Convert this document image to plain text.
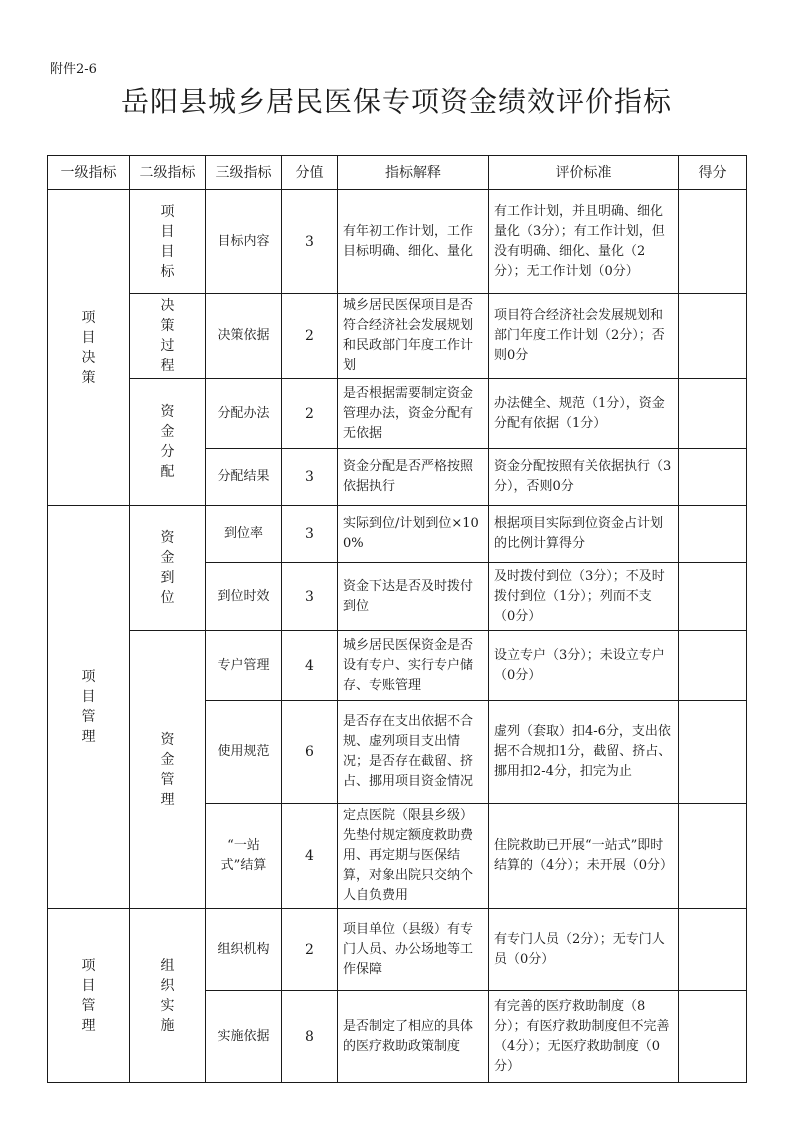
附件2-6
岳阳县城乡居民医保专项资金绩效评价指标
一级指标	二级指标	三级指标	分值	指标解释	评价标准	得分
项目决策	项目目标	目标内容	3	有年初工作计划，工作目标明确、细化、量化	有工作计划，并且明确、细化量化（3分）；有工作计划，但没有明确、细化、量化（2分）；无工作计划（0分）	
	决策过程	决策依据	2	城乡居民医保项目是否符合经济社会发展规划和民政部门年度工作计划	项目符合经济社会发展规划和部门年度工作计划（2分）；否则0分	
	资金分配	分配办法	2	是否根据需要制定资金管理办法，资金分配有无依据	办法健全、规范（1分），资金分配有依据（1分）	
		分配结果	3	资金分配是否严格按照依据执行	资金分配按照有关依据执行（3分），否则0分	
项目管理	资金到位	到位率	3	实际到位/计划到位×100%	根据项目实际到位资金占计划的比例计算得分	
		到位时效	3	资金下达是否及时拨付到位	及时拨付到位（3分）；不及时拨付到位（1分）；列而不支（0分）	
	资金管理	专户管理	4	城乡居民医保资金是否设有专户、实行专户储存、专账管理	设立专户（3分）；未设立专户（0分）	
		使用规范	6	是否存在支出依据不合规、虚列项目支出情况；是否存在截留、挤占、挪用项目资金情况	虚列（套取）扣4-6分，支出依据不合规扣1分，截留、挤占、挪用扣2-4分，扣完为止	
		“一站式”结算	4	定点医院（限县乡级）先垫付规定额度救助费用、再定期与医保结算，对象出院只交纳个人自负费用	住院救助已开展“一站式”即时结算的（4分）；未开展（0分）	
项目管理	组织实施	组织机构	2	项目单位（县级）有专门人员、办公场地等工作保障	有专门人员（2分）；无专门人员（0分）	
		实施依据	8	是否制定了相应的具体的医疗救助政策制度	有完善的医疗救助制度（8分）；有医疗救助制度但不完善（4分）；无医疗救助制度（0分）	
